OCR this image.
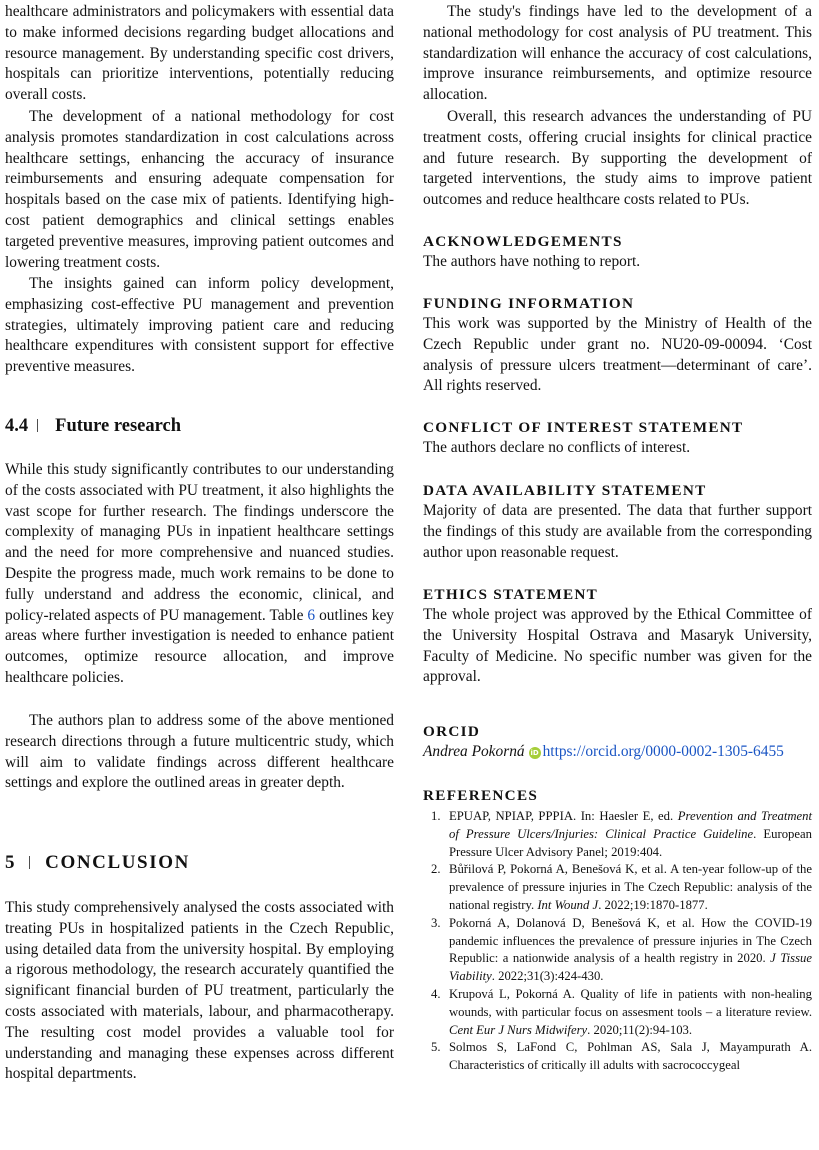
healthcare administrators and policymakers with essential data to make informed decisions regarding budget allocations and resource management. By understanding specific cost drivers, hospitals can prioritize interventions, potentially reducing overall costs.

The development of a national methodology for cost analysis promotes standardization in cost calculations across healthcare settings, enhancing the accuracy of insurance reimbursements and ensuring adequate compensation for hospitals based on the case mix of patients. Identifying high-cost patient demographics and clinical settings enables targeted preventive measures, improving patient outcomes and lowering treatment costs.

The insights gained can inform policy development, emphasizing cost-effective PU management and prevention strategies, ultimately improving patient care and reducing healthcare expenditures with consistent support for effective preventive measures.

4.4 | Future research

While this study significantly contributes to our understanding of the costs associated with PU treatment, it also highlights the vast scope for further research. The findings underscore the complexity of managing PUs in inpatient healthcare settings and the need for more comprehensive and nuanced studies. Despite the progress made, much work remains to be done to fully understand and address the economic, clinical, and policy-related aspects of PU management. Table 6 outlines key areas where further investigation is needed to enhance patient outcomes, optimize resource allocation, and improve healthcare policies.

The authors plan to address some of the above mentioned research directions through a future multicentric study, which will aim to validate findings across different healthcare settings and explore the outlined areas in greater depth.

5 | CONCLUSION

This study comprehensively analysed the costs associated with treating PUs in hospitalized patients in the Czech Republic, using detailed data from the university hospital. By employing a rigorous methodology, the research accurately quantified the significant financial burden of PU treatment, particularly the costs associated with materials, labour, and pharmacotherapy. The resulting cost model provides a valuable tool for understanding and managing these expenses across different hospital departments.

The study's findings have led to the development of a national methodology for cost analysis of PU treatment. This standardization will enhance the accuracy of cost calculations, improve insurance reimbursements, and optimize resource allocation.

Overall, this research advances the understanding of PU treatment costs, offering crucial insights for clinical practice and future research. By supporting the development of targeted interventions, the study aims to improve patient outcomes and reduce healthcare costs related to PUs.

ACKNOWLEDGEMENTS

The authors have nothing to report.

FUNDING INFORMATION

This work was supported by the Ministry of Health of the Czech Republic under grant no. NU20-09-00094. ‘Cost analysis of pressure ulcers treatment—determinant of care’. All rights reserved.

CONFLICT OF INTEREST STATEMENT

The authors declare no conflicts of interest.

DATA AVAILABILITY STATEMENT

Majority of data are presented. The data that further support the findings of this study are available from the corresponding author upon reasonable request.

ETHICS STATEMENT

The whole project was approved by the Ethical Committee of the University Hospital Ostrava and Masaryk University, Faculty of Medicine. No specific number was given for the approval.

ORCID

Andrea Pokorná iD https://orcid.org/0000-0002-1305-6455

REFERENCES
1. EPUAP, NPIAP, PPPIA. In: Haesler E, ed. Prevention and Treatment of Pressure Ulcers/Injuries: Clinical Practice Guideline. European Pressure Ulcer Advisory Panel; 2019:404.
2. Bůřilová P, Pokorná A, Benešová K, et al. A ten-year follow-up of the prevalence of pressure injuries in The Czech Republic: analysis of the national registry. Int Wound J. 2022;19:1870-1877.
3. Pokorná A, Dolanová D, Benešová K, et al. How the COVID-19 pandemic influences the prevalence of pressure injuries in The Czech Republic: a nationwide analysis of a health registry in 2020. J Tissue Viability. 2022;31(3):424-430.
4. Krupová L, Pokorná A. Quality of life in patients with non-healing wounds, with particular focus on assesment tools – a literature review. Cent Eur J Nurs Midwifery. 2020;11(2):94-103.
5. Solmos S, LaFond C, Pohlman AS, Sala J, Mayampurath A. Characteristics of critically ill adults with sacrococcygeal
